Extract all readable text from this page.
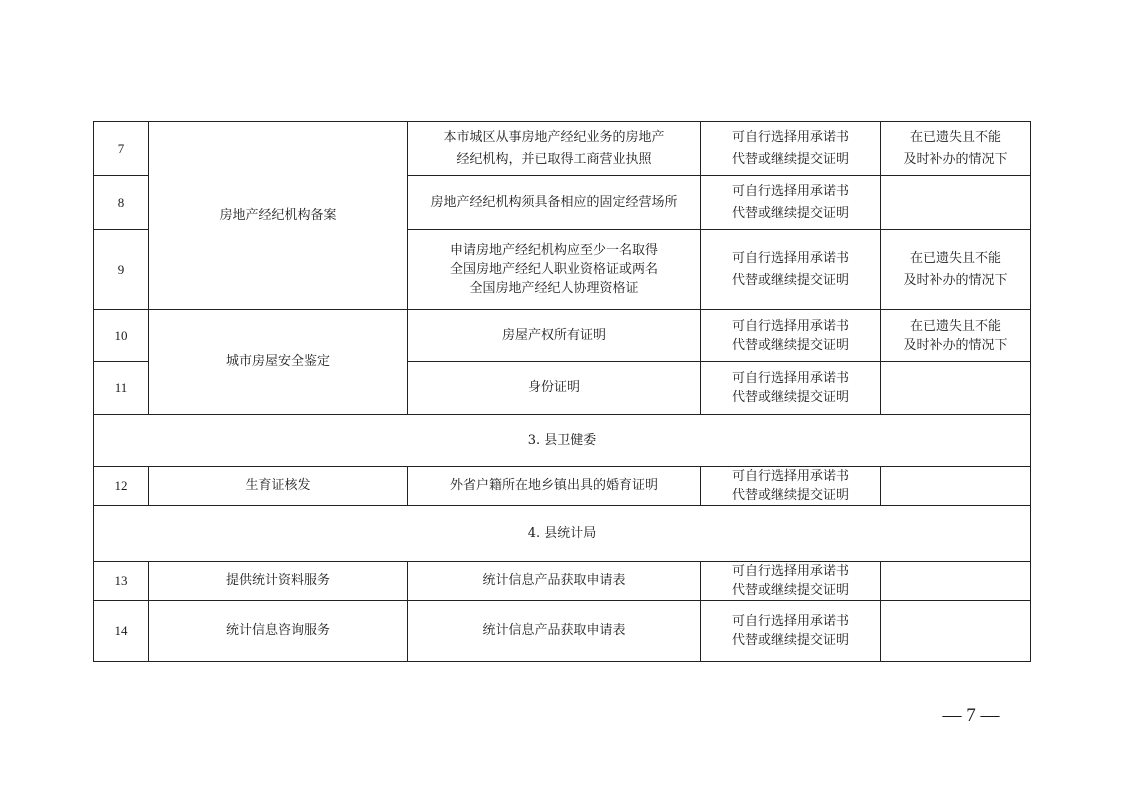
7	房地产经纪机构备案	本市城区从事房地产经纪业务的房地产
经纪机构，并已取得工商营业执照	可自行选择用承诺书
代替或继续提交证明	在已遗失且不能
及时补办的情况下

8		房地产经纪机构须具备相应的固定经营场所	可自行选择用承诺书
代替或继续提交证明	

9		申请房地产经纪机构应至少一名取得
全国房地产经纪人职业资格证或两名
全国房地产经纪人协理资格证	可自行选择用承诺书
代替或继续提交证明	在已遗失且不能
及时补办的情况下

10	城市房屋安全鉴定	房屋产权所有证明	可自行选择用承诺书
代替或继续提交证明	在已遗失且不能
及时补办的情况下

11		身份证明	可自行选择用承诺书
代替或继续提交证明	

3. 县卫健委				
12	生育证核发	外省户籍所在地乡镇出具的婚育证明	可自行选择用承诺书
代替或继续提交证明	

4. 县统计局				
13	提供统计资料服务	统计信息产品获取申请表	可自行选择用承诺书
代替或继续提交证明	

14	统计信息咨询服务	统计信息产品获取申请表	可自行选择用承诺书
代替或继续提交证明	

— 7 —
